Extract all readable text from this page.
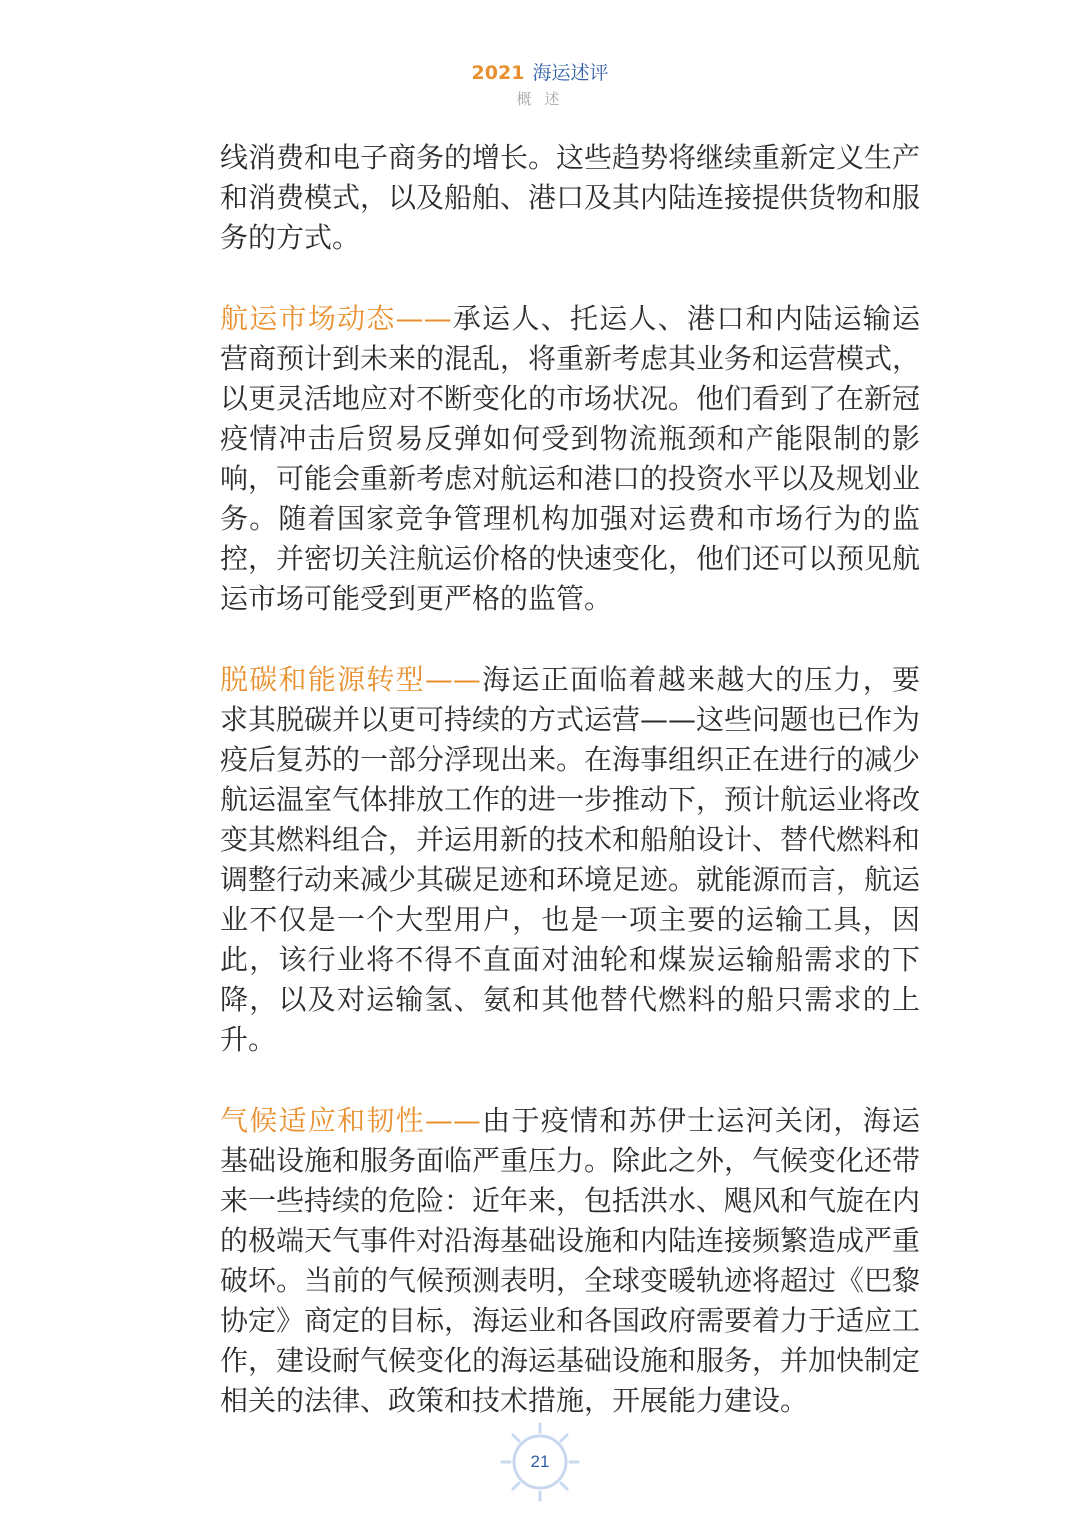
2021 海运述评
概 述

线消费和电子商务的增长。这些趋势将继续重新定义生产和消费模式，以及船舶、港口及其内陆连接提供货物和服务的方式。

航运市场动态——承运人、托运人、港口和内陆运输运营商预计到未来的混乱，将重新考虑其业务和运营模式，以更灵活地应对不断变化的市场状况。他们看到了在新冠疫情冲击后贸易反弹如何受到物流瓶颈和产能限制的影响，可能会重新考虑对航运和港口的投资水平以及规划业务。随着国家竞争管理机构加强对运费和市场行为的监控，并密切关注航运价格的快速变化，他们还可以预见航运市场可能受到更严格的监管。

脱碳和能源转型——海运正面临着越来越大的压力，要求其脱碳并以更可持续的方式运营——这些问题也已作为疫后复苏的一部分浮现出来。在海事组织正在进行的减少航运温室气体排放工作的进一步推动下，预计航运业将改变其燃料组合，并运用新的技术和船舶设计、替代燃料和调整行动来减少其碳足迹和环境足迹。就能源而言，航运业不仅是一个大型用户，也是一项主要的运输工具，因此，该行业将不得不直面对油轮和煤炭运输船需求的下降，以及对运输氢、氨和其他替代燃料的船只需求的上升。

气候适应和韧性——由于疫情和苏伊士运河关闭，海运基础设施和服务面临严重压力。除此之外，气候变化还带来一些持续的危险：近年来，包括洪水、飓风和气旋在内的极端天气事件对沿海基础设施和内陆连接频繁造成严重破坏。当前的气候预测表明，全球变暖轨迹将超过《巴黎协定》商定的目标，海运业和各国政府需要着力于适应工作，建设耐气候变化的海运基础设施和服务，并加快制定相关的法律、政策和技术措施，开展能力建设。

21
